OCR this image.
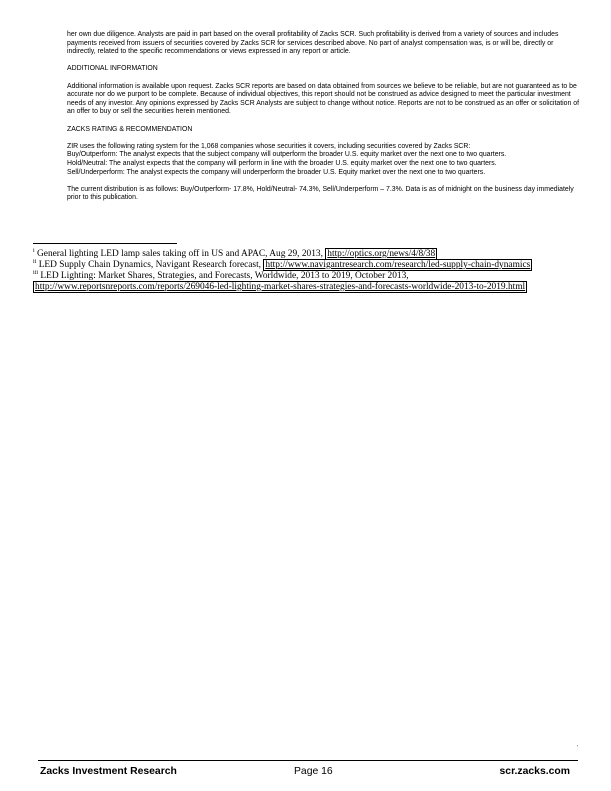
her own due diligence. Analysts are paid in part based on the overall profitability of Zacks SCR. Such profitability is derived from a variety of sources and includes payments received from issuers of securities covered by Zacks SCR for services described above. No part of analyst compensation was, is or will be, directly or indirectly, related to the specific recommendations or views expressed in any report or article.

ADDITIONAL INFORMATION

Additional information is available upon request. Zacks SCR reports are based on data obtained from sources we believe to be reliable, but are not guaranteed as to be accurate nor do we purport to be complete. Because of individual objectives, this report should not be construed as advice designed to meet the particular investment needs of any investor. Any opinions expressed by Zacks SCR Analysts are subject to change without notice. Reports are not to be construed as an offer or solicitation of an offer to buy or sell the securities herein mentioned.

ZACKS RATING & RECOMMENDATION

ZIR uses the following rating system for the 1,068 companies whose securities it covers, including securities covered by Zacks SCR:
Buy/Outperform: The analyst expects that the subject company will outperform the broader U.S. equity market over the next one to two quarters.
Hold/Neutral: The analyst expects that the company will perform in line with the broader U.S. equity market over the next one to two quarters.
Sell/Underperform: The analyst expects the company will underperform the broader U.S. Equity market over the next one to two quarters.

The current distribution is as follows: Buy/Outperform- 17.8%, Hold/Neutral- 74.3%, Sell/Underperform – 7.3%. Data is as of midnight on the business day immediately prior to this publication.

$^i$ General lighting LED lamp sales taking off in US and APAC, Aug 29, 2013, http://optics.org/news/4/8/38
$^{ii}$ LED Supply Chain Dynamics, Navigant Research forecast, http://www.navigantresearch.com/research/led-supply-chain-dynamics
$^{iii}$ LED Lighting: Market Shares, Strategies, and Forecasts, Worldwide, 2013 to 2019, October 2013,
http://www.reportsnreports.com/reports/269046-led-lighting-market-shares-strategies-and-forecasts-worldwide-2013-to-2019.html
'
Zacks Investment Research	Page 16	scr.zacks.com
